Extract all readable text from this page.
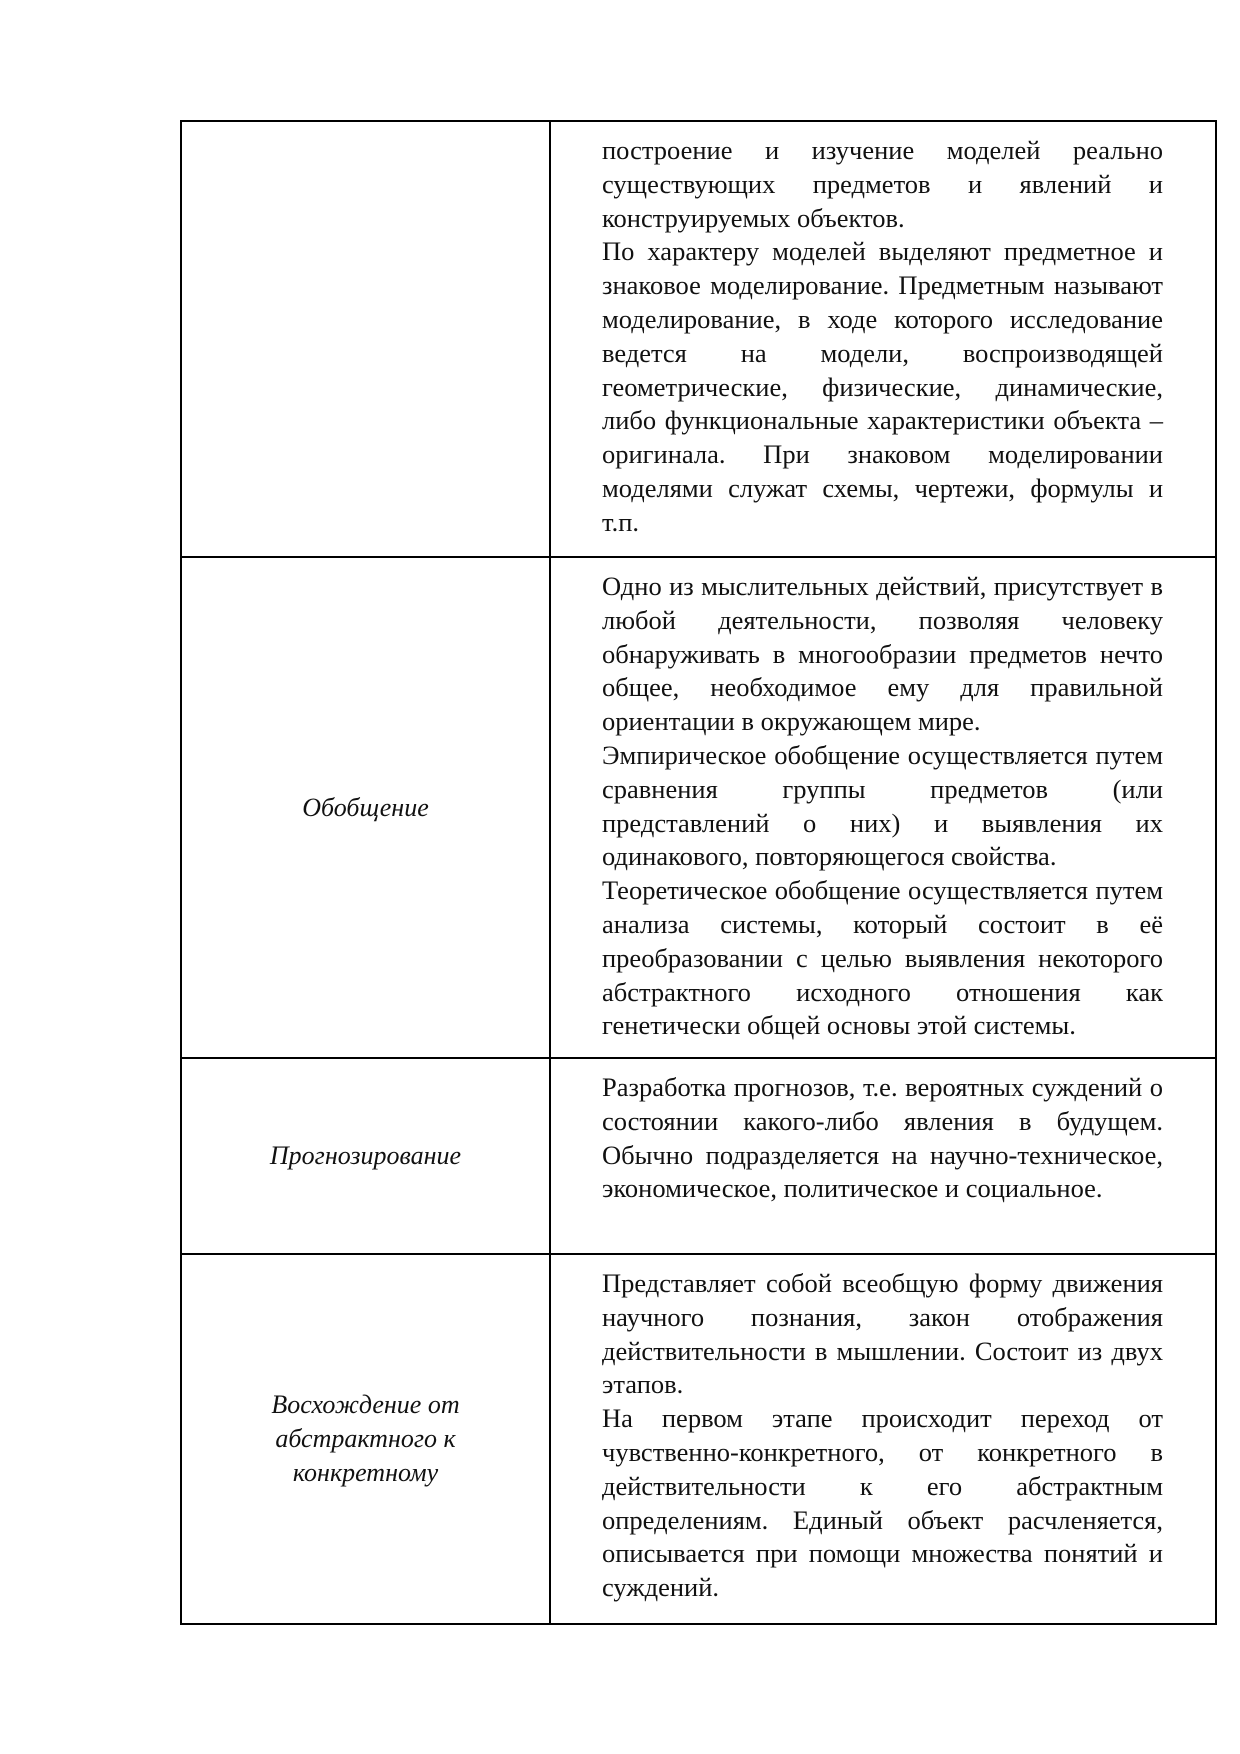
	построение и изучение моделей реально существующих предметов и явлений и конструируемых объектов.

По характеру моделей выделяют предметное и знаковое моделирование. Предметным называют моделирование, в ходе которого исследование ведется на модели, воспроизводящей геометрические, физические, динамические, либо функциональные характеристики объекта – оригинала. При знаковом моделировании моделями служат схемы, чертежи, формулы и т.п.

Обобщение	Одно из мыслительных действий, присутствует в любой деятельности, позволяя человеку обнаруживать в многообразии предметов нечто общее, необходимое ему для правильной ориентации в окружающем мире.

Эмпирическое обобщение осуществляется путем сравнения группы предметов (или представлений о них) и выявления их одинакового, повторяющегося свойства.

Теоретическое обобщение осуществляется путем анализа системы, который состоит в её преобразовании с целью выявления некоторого абстрактного исходного отношения как генетически общей основы этой системы.

Прогнозирование	Разработка прогнозов, т.е. вероятных суждений о состоянии какого-либо явления в будущем. Обычно подразделяется на научно-техническое, экономическое, политическое и социальное.

Восхождение от абстрактного к конкретному	Представляет собой всеобщую форму движения научного познания, закон отображения действительности в мышлении. Состоит из двух этапов.

На первом этапе происходит переход от чувственно-конкретного, от конкретного в действительности к его абстрактным определениям. Единый объект расчленяется, описывается при помощи множества понятий и суждений.
